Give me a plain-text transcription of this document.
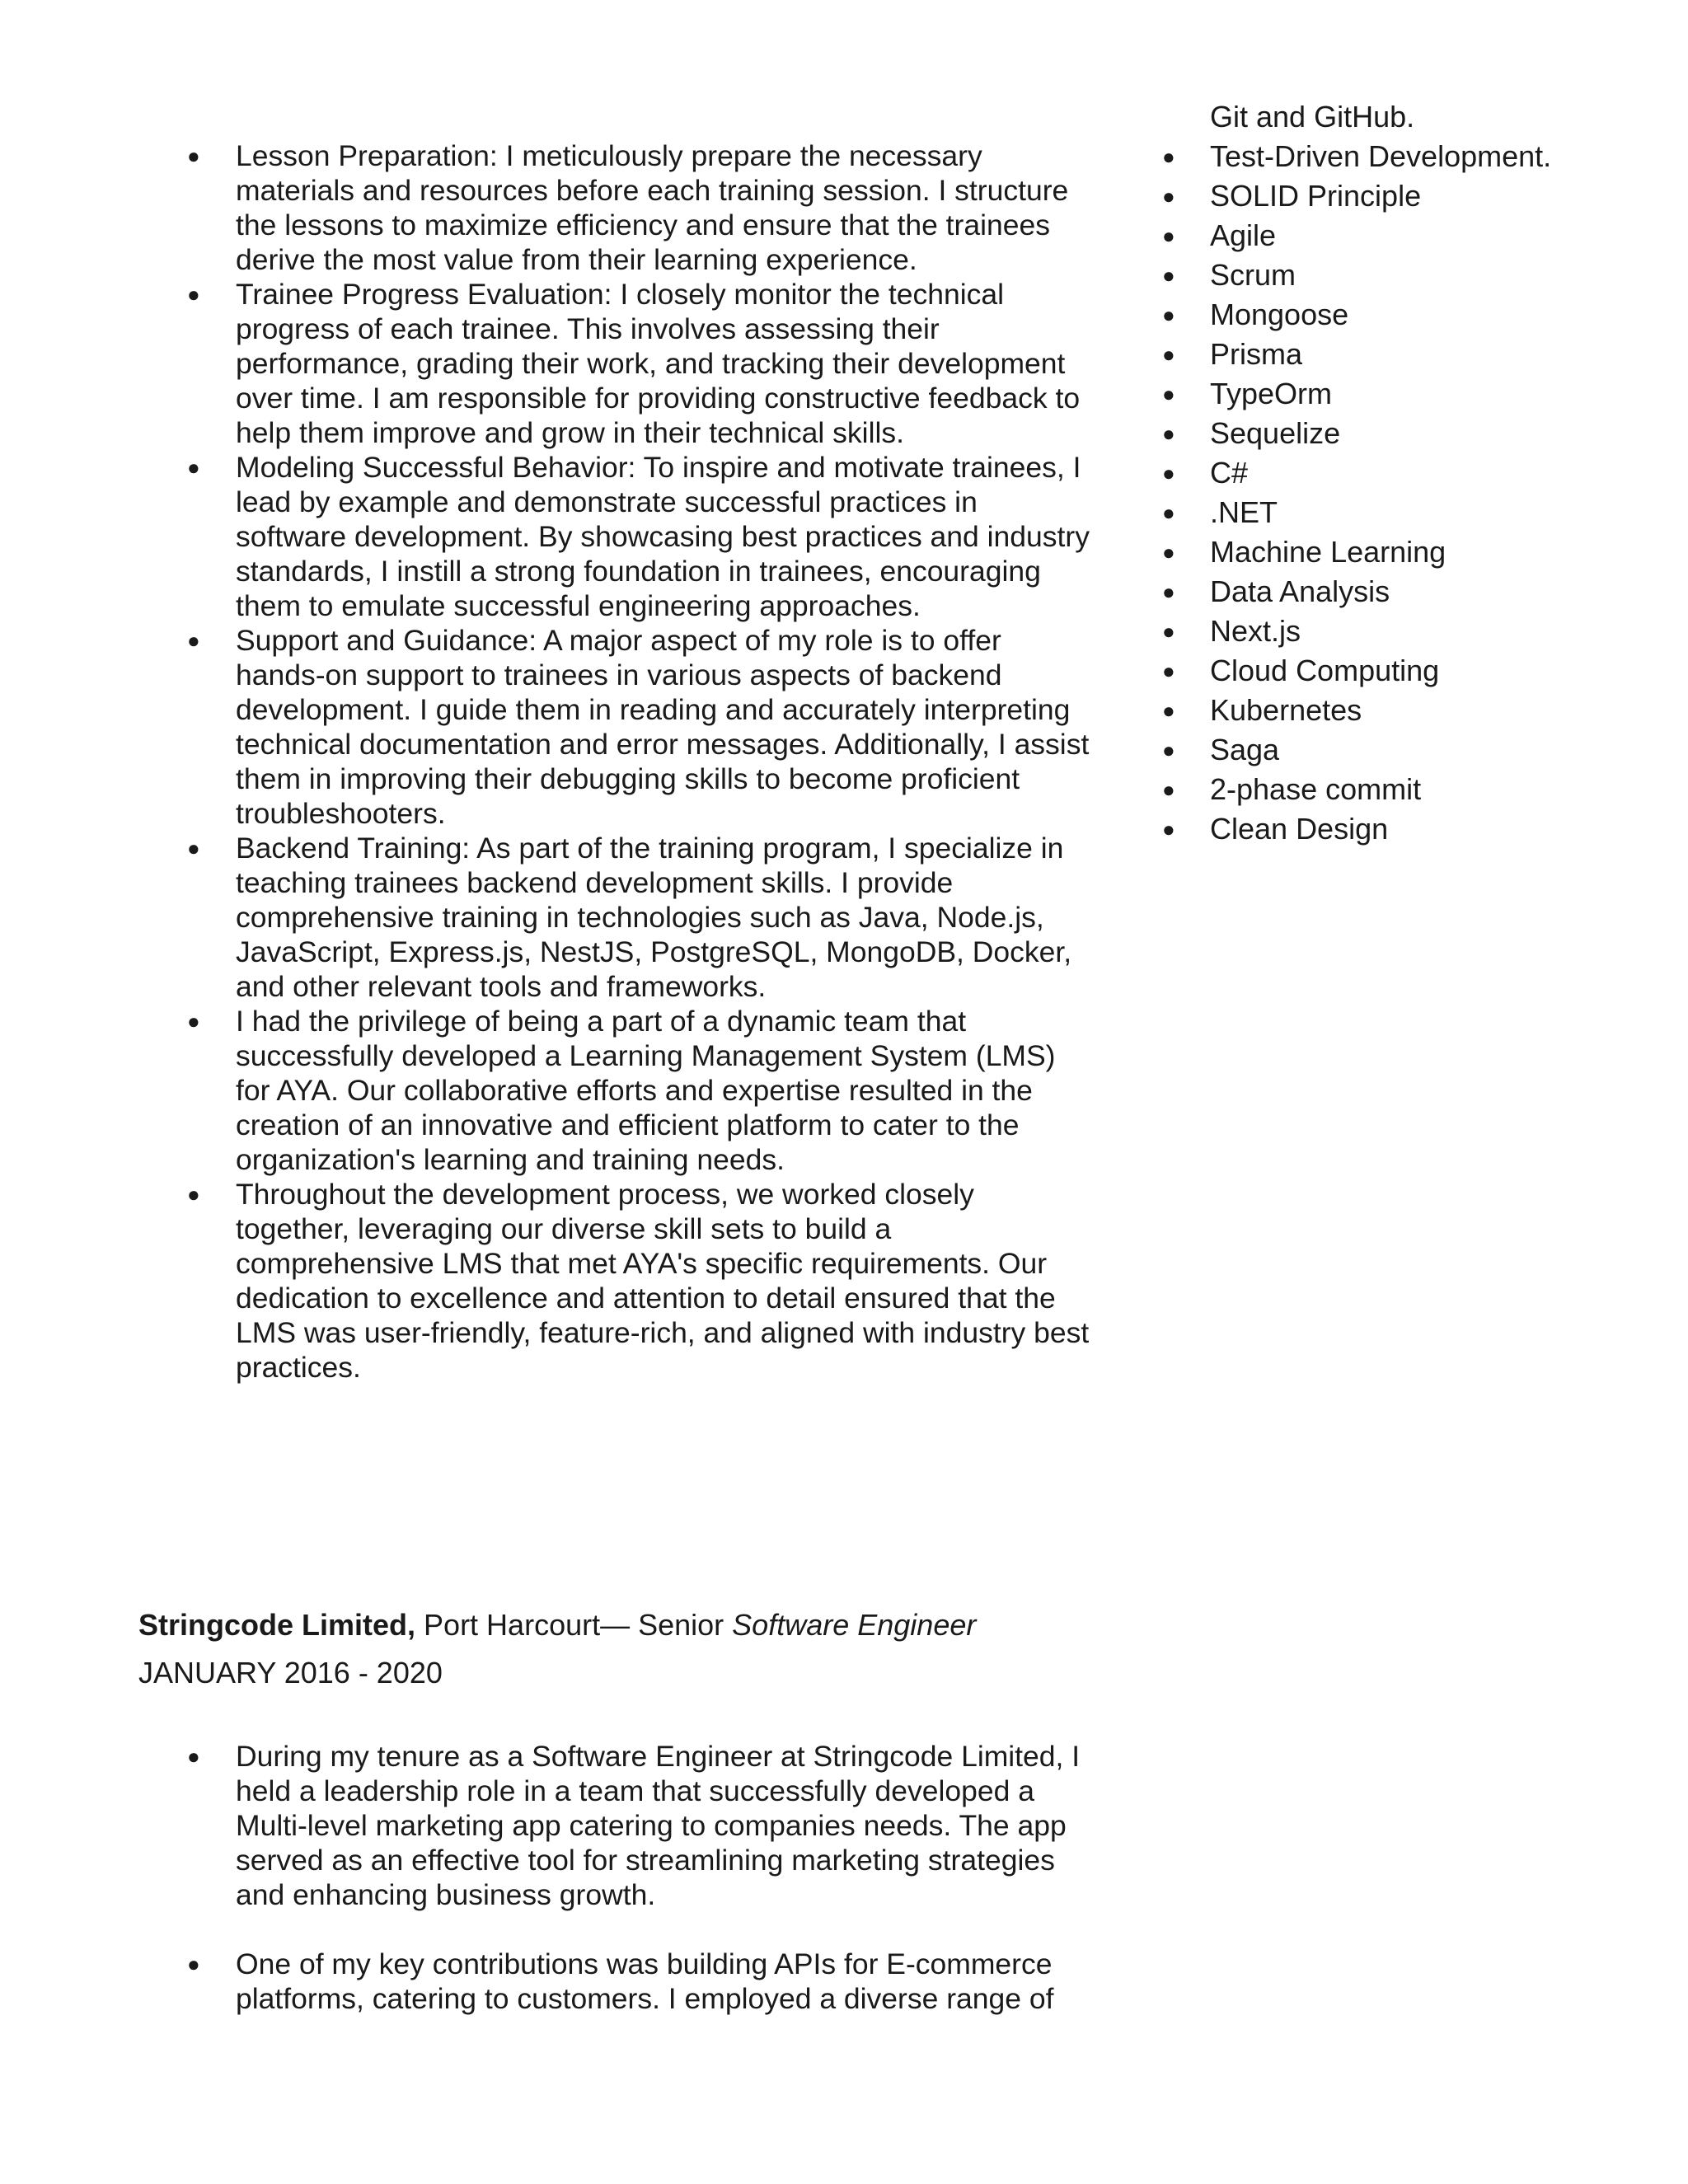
● Lesson Preparation: I meticulously prepare the necessary materials and resources before each training session. I structure the lessons to maximize efficiency and ensure that the trainees derive the most value from their learning experience.
● Trainee Progress Evaluation: I closely monitor the technical progress of each trainee. This involves assessing their performance, grading their work, and tracking their development over time. I am responsible for providing constructive feedback to help them improve and grow in their technical skills.
● Modeling Successful Behavior: To inspire and motivate trainees, I lead by example and demonstrate successful practices in software development. By showcasing best practices and industry standards, I instill a strong foundation in trainees, encouraging them to emulate successful engineering approaches.
● Support and Guidance: A major aspect of my role is to offer hands-on support to trainees in various aspects of backend development. I guide them in reading and accurately interpreting technical documentation and error messages. Additionally, I assist them in improving their debugging skills to become proficient troubleshooters.
● Backend Training: As part of the training program, I specialize in teaching trainees backend development skills. I provide comprehensive training in technologies such as Java, Node.js, JavaScript, Express.js, NestJS, PostgreSQL, MongoDB, Docker, and other relevant tools and frameworks.
● I had the privilege of being a part of a dynamic team that successfully developed a Learning Management System (LMS) for AYA. Our collaborative efforts and expertise resulted in the creation of an innovative and efficient platform to cater to the organization's learning and training needs.
● Throughout the development process, we worked closely together, leveraging our diverse skill sets to build a comprehensive LMS that met AYA's specific requirements. Our dedication to excellence and attention to detail ensured that the LMS was user-friendly, feature-rich, and aligned with industry best practices.
Git and GitHub.
● Test-Driven Development.
● SOLID Principle
● Agile
● Scrum
● Mongoose
● Prisma
● TypeOrm
● Sequelize
● C#
● .NET
● Machine Learning
● Data Analysis
● Next.js
● Cloud Computing
● Kubernetes
● Saga
● 2-phase commit
● Clean Design
Stringcode Limited, Port Harcourt— Senior Software Engineer
JANUARY 2016 - 2020
● During my tenure as a Software Engineer at Stringcode Limited, I held a leadership role in a team that successfully developed a Multi-level marketing app catering to companies needs. The app served as an effective tool for streamlining marketing strategies and enhancing business growth.
● One of my key contributions was building APIs for E-commerce platforms, catering to customers. I employed a diverse range of
